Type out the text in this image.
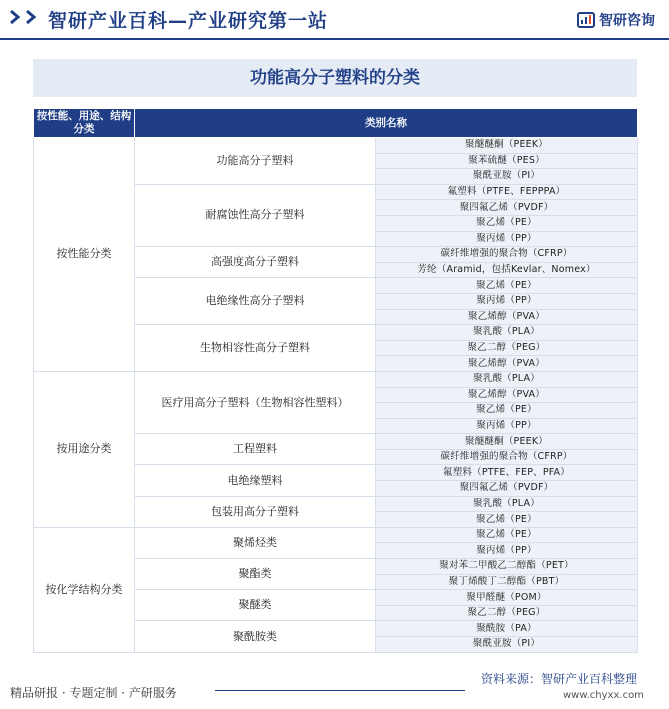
智研产业百科—产业研究第一站	智研咨询
功能高分子塑料的分类
按性能、用途、结构分类	类别名称	
按性能分类	功能高分子塑料	聚醚醚酮（PEEK）
		聚苯硫醚（PES）
		聚酰亚胺（PI）
	耐腐蚀性高分子塑料	氟塑料（PTFE、FEPPPA）
		聚四氟乙烯（PVDF）
		聚乙烯（PE）
		聚丙烯（PP）
	高强度高分子塑料	碳纤维增强的聚合物（CFRP）
		芳纶（Aramid，包括Kevlar、Nomex）
	电绝缘性高分子塑料	聚乙烯（PE）
		聚丙烯（PP）
		聚乙烯醇（PVA）
	生物相容性高分子塑料	聚乳酸（PLA）
		聚乙二醇（PEG）
		聚乙烯醇（PVA）
按用途分类	医疗用高分子塑料（生物相容性塑料）	聚乳酸（PLA）
		聚乙烯醇（PVA）
		聚乙烯（PE）
		聚丙烯（PP）
	工程塑料	聚醚醚酮（PEEK）
		碳纤维增强的聚合物（CFRP）
	电绝缘塑料	氟塑料（PTFE、FEP、PFA）
		聚四氟乙烯（PVDF）
	包装用高分子塑料	聚乳酸（PLA）
		聚乙烯（PE）
按化学结构分类	聚烯烃类	聚乙烯（PE）
		聚丙烯（PP）
	聚酯类	聚对苯二甲酸乙二醇酯（PET）
		聚丁烯酸丁二醇酯（PBT）
	聚醚类	聚甲醛醚（POM）
		聚乙二醇（PEG）
	聚酰胺类	聚酰胺（PA）
		聚酰亚胺（PI）
精品研报 · 专题定制 · 产研服务
资料来源：智研产业百科整理
www.chyxx.com
